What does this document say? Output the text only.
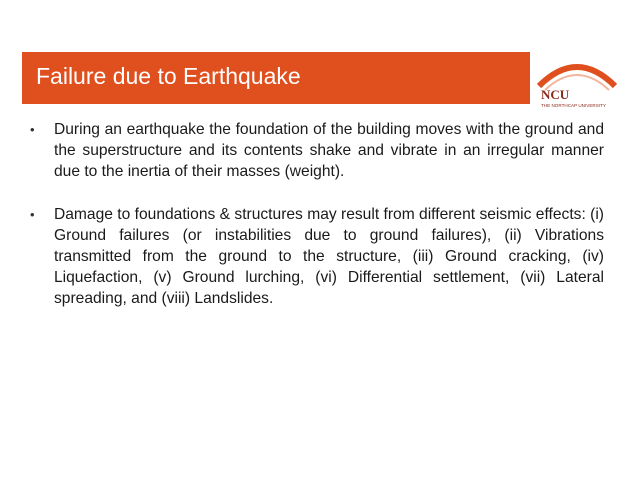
Failure due to Earthquake
NCU
THE NORTHCAP UNIVERSITY
• During an earthquake the foundation of the building moves with the ground and the superstructure and its contents shake and vibrate in an irregular manner due to the inertia of their masses (weight).
• Damage to foundations & structures may result from different seismic effects: (i) Ground failures (or instabilities due to ground failures), (ii) Vibrations transmitted from the ground to the structure, (iii) Ground cracking, (iv) Liquefaction, (v) Ground lurching, (vi) Differential settlement, (vii) Lateral spreading, and (viii) Landslides.
